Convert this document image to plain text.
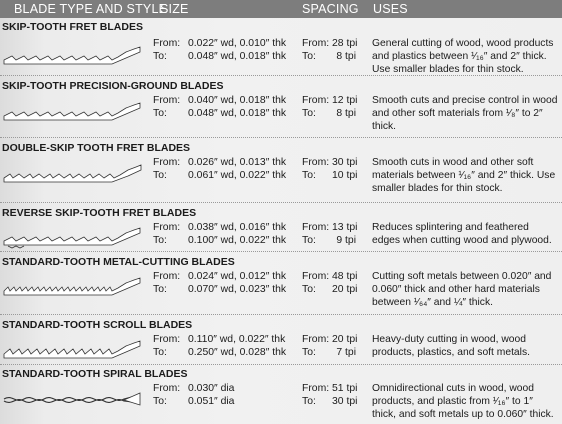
BLADE TYPE AND STYLE
SIZE	SPACING USES
SKIP-TOOTH FRET BLADES
From: 0.022″ wd, 0.010″ thk
To: 0.048″ wd, 0.018″ thk
From: 28 tpi
To: 8 tpi
General cutting of wood, wood products and plastics between ¹⁄₁₆″ and 2″ thick. Use smaller blades for thin stock.
SKIP-TOOTH PRECISION-GROUND BLADES
From: 0.040″ wd, 0.018″ thk
To: 0.048″ wd, 0.018″ thk
From: 12 tpi
To: 8 tpi
Smooth cuts and precise control in wood and other soft materials from ¹⁄₈″ to 2″ thick.
DOUBLE-SKIP TOOTH FRET BLADES
From: 0.026″ wd, 0.013″ thk
To: 0.061″ wd, 0.022″ thk
From: 30 tpi
To: 10 tpi
Smooth cuts in wood and other soft materials between ¹⁄₁₆″ and 2″ thick. Use smaller blades for thin stock.
REVERSE SKIP-TOOTH FRET BLADES
From: 0.038″ wd, 0.016″ thk
To: 0.100″ wd, 0.022″ thk
From: 13 tpi
To: 9 tpi
Reduces splintering and feathered edges when cutting wood and plywood.
STANDARD-TOOTH METAL-CUTTING BLADES
From: 0.024″ wd, 0.012″ thk
To: 0.070″ wd, 0.023″ thk
From: 48 tpi
To: 20 tpi
Cutting soft metals between 0.020″ and 0.060″ thick and other hard materials between ¹⁄₆₄″ and ¼″ thick.
STANDARD-TOOTH SCROLL BLADES
From: 0.110″ wd, 0.022″ thk
To: 0.250″ wd, 0.028″ thk
From: 20 tpi
To: 7 tpi
Heavy-duty cutting in wood, wood products, plastics, and soft metals.
STANDARD-TOOTH SPIRAL BLADES
From: 0.030″ dia
To: 0.051″ dia
From: 51 tpi
To: 30 tpi
Omnidirectional cuts in wood, wood products, and plastic from ¹⁄₁₆″ to 1″ thick, and soft metals up to 0.060″ thick.
